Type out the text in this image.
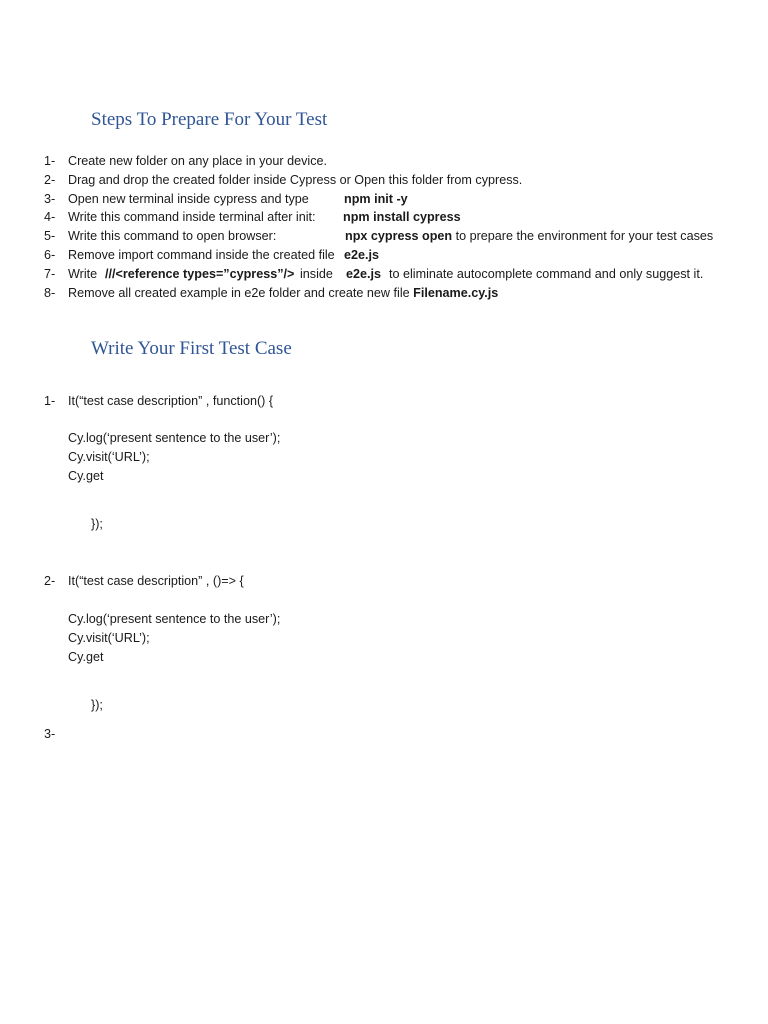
Steps To Prepare For Your Test
1- Create new folder on any place in your device.
2- Drag and drop the created folder inside Cypress or Open this folder from cypress.
3- Open new terminal inside cypress and type	npm init -y
4- Write this command inside terminal after init: npm install cypress
5- Write this command to open browser:	npx cypress open to prepare the environment for your test cases
6- Remove import command inside the created file e2e.js
7- Write ///<reference types=”cypress”/> inside e2e.js to eliminate autocomplete command and only suggest it.
8- Remove all created example in e2e folder and create new file Filename.cy.js
Write Your First Test Case
1- It(“test case description” , function() {
Cy.log(‘present sentence to the user’);
Cy.visit(‘URL’);
Cy.get
});
2- It(“test case description” , ()=> {
Cy.log(‘present sentence to the user’);
Cy.visit(‘URL’);
Cy.get
});
3-
